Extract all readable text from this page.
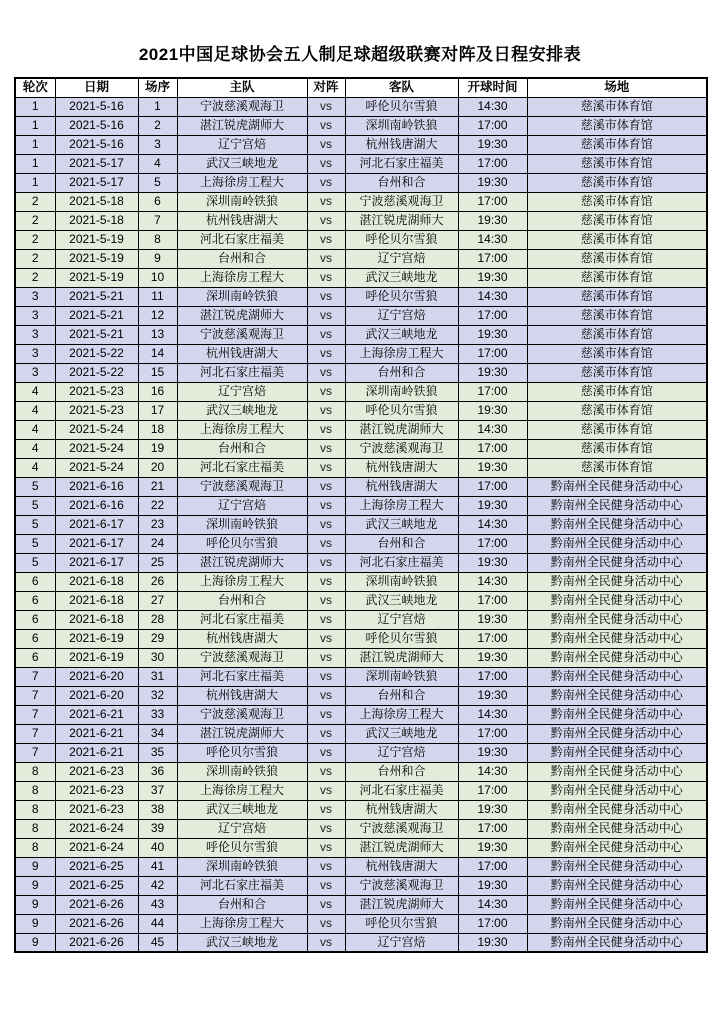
2021中国足球协会五人制足球超级联赛对阵及日程安排表
轮次	日期	场序	主队	对阵	客队	开球时间	场地
1	2021-5-16	1	宁波慈溪观海卫	vs	呼伦贝尔雪狼	14:30	慈溪市体育馆
1	2021-5-16	2	湛江锐虎湖师大	vs	深圳南岭铁狼	17:00	慈溪市体育馆
1	2021-5-16	3	辽宁宫焙	vs	杭州钱唐湖大	19:30	慈溪市体育馆
1	2021-5-17	4	武汉三峡地龙	vs	河北石家庄福美	17:00	慈溪市体育馆
1	2021-5-17	5	上海徐房工程大	vs	台州和合	19:30	慈溪市体育馆
2	2021-5-18	6	深圳南岭铁狼	vs	宁波慈溪观海卫	17:00	慈溪市体育馆
2	2021-5-18	7	杭州钱唐湖大	vs	湛江锐虎湖师大	19:30	慈溪市体育馆
2	2021-5-19	8	河北石家庄福美	vs	呼伦贝尔雪狼	14:30	慈溪市体育馆
2	2021-5-19	9	台州和合	vs	辽宁宫焙	17:00	慈溪市体育馆
2	2021-5-19	10	上海徐房工程大	vs	武汉三峡地龙	19:30	慈溪市体育馆
3	2021-5-21	11	深圳南岭铁狼	vs	呼伦贝尔雪狼	14:30	慈溪市体育馆
3	2021-5-21	12	湛江锐虎湖师大	vs	辽宁宫焙	17:00	慈溪市体育馆
3	2021-5-21	13	宁波慈溪观海卫	vs	武汉三峡地龙	19:30	慈溪市体育馆
3	2021-5-22	14	杭州钱唐湖大	vs	上海徐房工程大	17:00	慈溪市体育馆
3	2021-5-22	15	河北石家庄福美	vs	台州和合	19:30	慈溪市体育馆
4	2021-5-23	16	辽宁宫焙	vs	深圳南岭铁狼	17:00	慈溪市体育馆
4	2021-5-23	17	武汉三峡地龙	vs	呼伦贝尔雪狼	19:30	慈溪市体育馆
4	2021-5-24	18	上海徐房工程大	vs	湛江锐虎湖师大	14:30	慈溪市体育馆
4	2021-5-24	19	台州和合	vs	宁波慈溪观海卫	17:00	慈溪市体育馆
4	2021-5-24	20	河北石家庄福美	vs	杭州钱唐湖大	19:30	慈溪市体育馆
5	2021-6-16	21	宁波慈溪观海卫	vs	杭州钱唐湖大	17:00	黔南州全民健身活动中心
5	2021-6-16	22	辽宁宫焙	vs	上海徐房工程大	19:30	黔南州全民健身活动中心
5	2021-6-17	23	深圳南岭铁狼	vs	武汉三峡地龙	14:30	黔南州全民健身活动中心
5	2021-6-17	24	呼伦贝尔雪狼	vs	台州和合	17:00	黔南州全民健身活动中心
5	2021-6-17	25	湛江锐虎湖师大	vs	河北石家庄福美	19:30	黔南州全民健身活动中心
6	2021-6-18	26	上海徐房工程大	vs	深圳南岭铁狼	14:30	黔南州全民健身活动中心
6	2021-6-18	27	台州和合	vs	武汉三峡地龙	17:00	黔南州全民健身活动中心
6	2021-6-18	28	河北石家庄福美	vs	辽宁宫焙	19:30	黔南州全民健身活动中心
6	2021-6-19	29	杭州钱唐湖大	vs	呼伦贝尔雪狼	17:00	黔南州全民健身活动中心
6	2021-6-19	30	宁波慈溪观海卫	vs	湛江锐虎湖师大	19:30	黔南州全民健身活动中心
7	2021-6-20	31	河北石家庄福美	vs	深圳南岭铁狼	17:00	黔南州全民健身活动中心
7	2021-6-20	32	杭州钱唐湖大	vs	台州和合	19:30	黔南州全民健身活动中心
7	2021-6-21	33	宁波慈溪观海卫	vs	上海徐房工程大	14:30	黔南州全民健身活动中心
7	2021-6-21	34	湛江锐虎湖师大	vs	武汉三峡地龙	17:00	黔南州全民健身活动中心
7	2021-6-21	35	呼伦贝尔雪狼	vs	辽宁宫焙	19:30	黔南州全民健身活动中心
8	2021-6-23	36	深圳南岭铁狼	vs	台州和合	14:30	黔南州全民健身活动中心
8	2021-6-23	37	上海徐房工程大	vs	河北石家庄福美	17:00	黔南州全民健身活动中心
8	2021-6-23	38	武汉三峡地龙	vs	杭州钱唐湖大	19:30	黔南州全民健身活动中心
8	2021-6-24	39	辽宁宫焙	vs	宁波慈溪观海卫	17:00	黔南州全民健身活动中心
8	2021-6-24	40	呼伦贝尔雪狼	vs	湛江锐虎湖师大	19:30	黔南州全民健身活动中心
9	2021-6-25	41	深圳南岭铁狼	vs	杭州钱唐湖大	17:00	黔南州全民健身活动中心
9	2021-6-25	42	河北石家庄福美	vs	宁波慈溪观海卫	19:30	黔南州全民健身活动中心
9	2021-6-26	43	台州和合	vs	湛江锐虎湖师大	14:30	黔南州全民健身活动中心
9	2021-6-26	44	上海徐房工程大	vs	呼伦贝尔雪狼	17:00	黔南州全民健身活动中心
9	2021-6-26	45	武汉三峡地龙	vs	辽宁宫焙	19:30	黔南州全民健身活动中心
